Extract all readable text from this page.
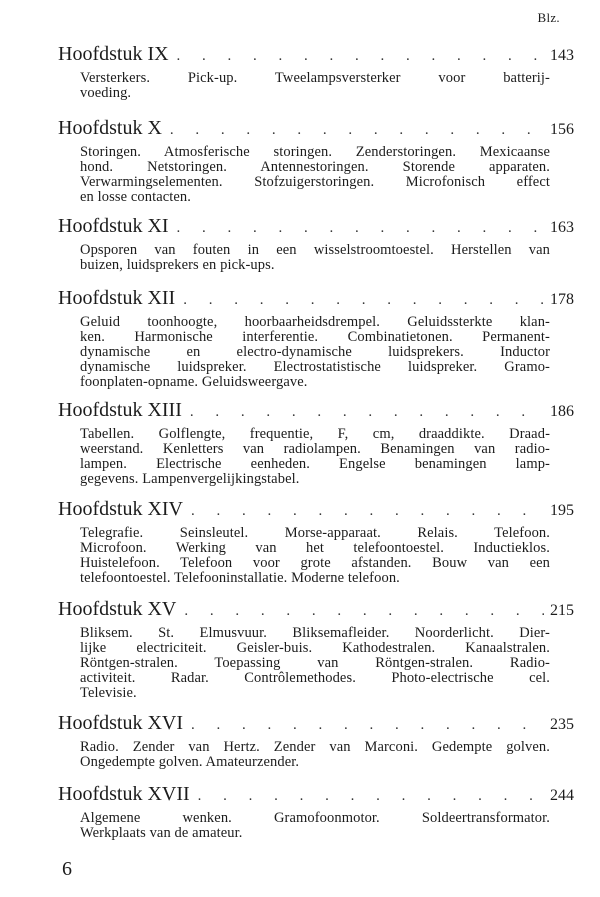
Blz.
Hoofdstuk IX . . .	143
Versterkers. Pick-up. Tweelampsversterker voor batterij-
voeding.
Hoofdstuk X . . .	156
Storingen. Atmosferische storingen. Zenderstoringen. Mexicaanse
hond. Netstoringen. Antennestoringen. Storende apparaten.
Verwarmingselementen. Stofzuigerstoringen. Microfonisch effect
en losse contacten.
Hoofdstuk XI . . .	163
Opsporen van fouten in een wisselstroomtoestel. Herstellen van
buizen, luidsprekers en pick-ups.
Hoofdstuk XII . . .	178
Geluid toonhoogte, hoorbaarheidsdrempel. Geluidssterkte klan-
ken. Harmonische interferentie. Combinatietonen. Permanent-
dynamische en electro-dynamische luidsprekers. Inductor
dynamische luidspreker. Electrostatistische luidspreker. Gramo-
foonplaten-opname. Geluidsweergave.
Hoofdstuk XIII . . .	186
Tabellen. Golflengte, frequentie, F, cm, draaddikte. Draad-
weerstand. Kenletters van radiolampen. Benamingen van radio-
lampen. Electrische eenheden. Engelse benamingen lamp-
gegevens. Lampenvergelijkingstabel.
Hoofdstuk XIV . . .	195
Telegrafie. Seinsleutel. Morse-apparaat. Relais. Telefoon.
Microfoon. Werking van het telefoontoestel. Inductieklos.
Huistelefoon. Telefoon voor grote afstanden. Bouw van een
telefoontoestel. Telefooninstallatie. Moderne telefoon.
Hoofdstuk XV . . .	215
Bliksem. St. Elmusvuur. Bliksemafleider. Noorderlicht. Dier-
lijke electriciteit. Geisler-buis. Kathodestralen. Kanaalstralen.
Röntgen-stralen. Toepassing van Röntgen-stralen. Radio-
activiteit. Radar. Contrôlemethodes. Photo-electrische cel.
Televisie.
Hoofdstuk XVI . . .	235
Radio. Zender van Hertz. Zender van Marconi. Gedempte golven.
Ongedempte golven. Amateurzender.
Hoofdstuk XVII . . .	244
Algemene wenken. Gramofoonmotor. Soldeertransformator.
Werkplaats van de amateur.
6
